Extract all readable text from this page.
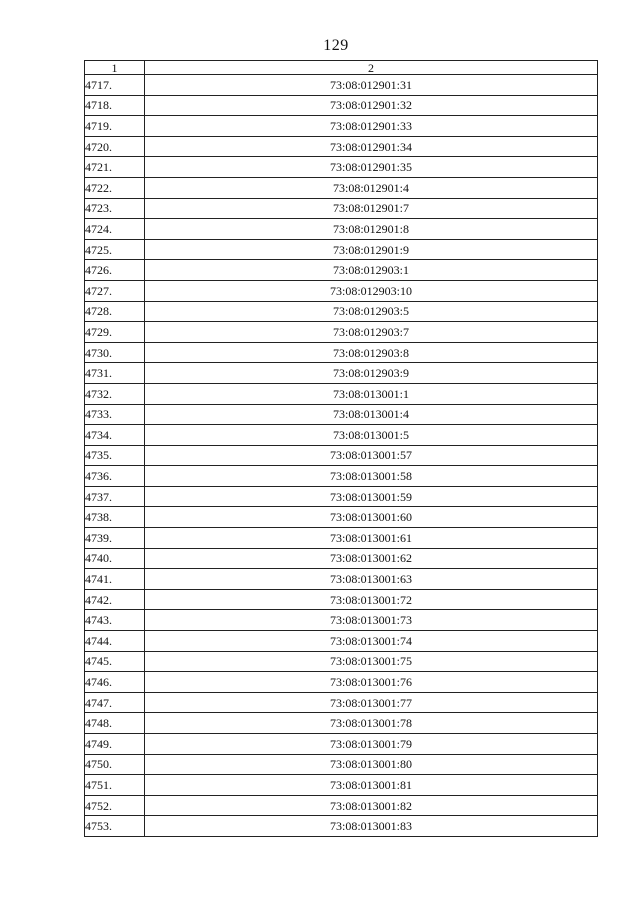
129
1	2
4717.	73:08:012901:31
4718.	73:08:012901:32
4719.	73:08:012901:33
4720.	73:08:012901:34
4721.	73:08:012901:35
4722.	73:08:012901:4
4723.	73:08:012901:7
4724.	73:08:012901:8
4725.	73:08:012901:9
4726.	73:08:012903:1
4727.	73:08:012903:10
4728.	73:08:012903:5
4729.	73:08:012903:7
4730.	73:08:012903:8
4731.	73:08:012903:9
4732.	73:08:013001:1
4733.	73:08:013001:4
4734.	73:08:013001:5
4735.	73:08:013001:57
4736.	73:08:013001:58
4737.	73:08:013001:59
4738.	73:08:013001:60
4739.	73:08:013001:61
4740.	73:08:013001:62
4741.	73:08:013001:63
4742.	73:08:013001:72
4743.	73:08:013001:73
4744.	73:08:013001:74
4745.	73:08:013001:75
4746.	73:08:013001:76
4747.	73:08:013001:77
4748.	73:08:013001:78
4749.	73:08:013001:79
4750.	73:08:013001:80
4751.	73:08:013001:81
4752.	73:08:013001:82
4753.	73:08:013001:83
